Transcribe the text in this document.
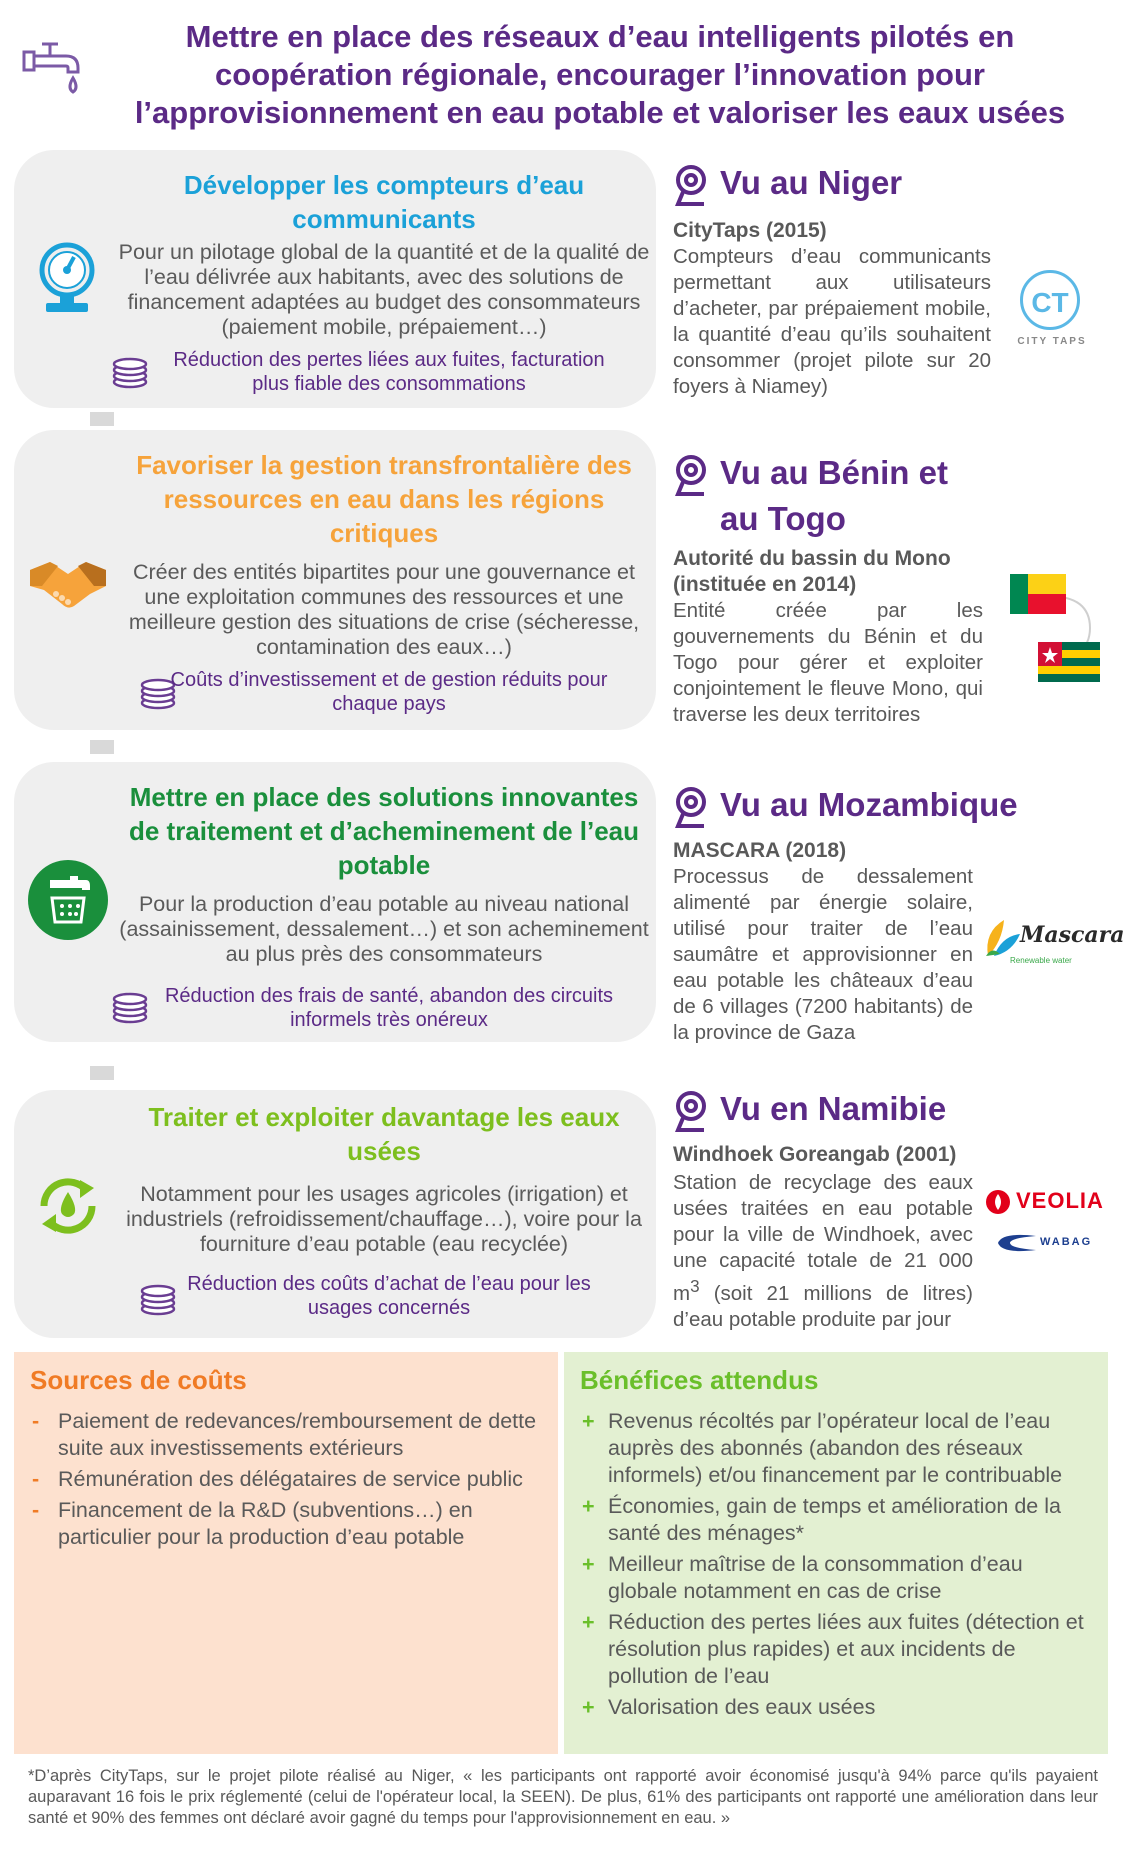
Mettre en place des réseaux d’eau intelligents pilotés en coopération régionale, encourager l’innovation pour l’approvisionnement en eau potable et valoriser les eaux usées
Développer les compteurs d’eau communicants
Pour un pilotage global de la quantité et de la qualité de l’eau délivrée aux habitants, avec des solutions de financement adaptées au budget des consommateurs (paiement mobile, prépaiement…)
Réduction des pertes liées aux fuites, facturation plus fiable des consommations
Favoriser la gestion transfrontalière des ressources en eau dans les régions critiques
Créer des entités bipartites pour une gouvernance et une exploitation communes des ressources et une meilleure gestion des situations de crise (sécheresse, contamination des eaux…)
Coûts d’investissement et de gestion réduits pour chaque pays
Mettre en place des solutions innovantes de traitement et d’acheminement de l’eau potable
Pour la production d’eau potable au niveau national (assainissement, dessalement…) et son acheminement au plus près des consommateurs
Réduction des frais de santé, abandon des circuits informels très onéreux
Traiter et exploiter davantage les eaux usées
Notamment pour les usages agricoles (irrigation) et industriels (refroidissement/chauffage…), voire pour la fourniture d’eau potable (eau recyclée)
Réduction des coûts d’achat de l’eau pour les usages concernés
Vu au Niger
CityTaps (2015)
Compteurs d’eau communicants permettant aux utilisateurs d’acheter, par prépaiement mobile, la quantité d’eau qu’ils souhaitent consommer (projet pilote sur 20 foyers à Niamey)
CT
CITY TAPS
Vu au Bénin et
au Togo
Autorité du bassin du Mono (instituée en 2014)
Entité créée par les gouvernements du Bénin et du Togo pour gérer et exploiter conjointement le fleuve Mono, qui traverse les deux territoires
Vu au Mozambique
MASCARA (2018)
Processus de dessalement alimenté par énergie solaire, utilisé pour traiter de l’eau saumâtre et approvisionner en eau potable les châteaux d’eau de 6 villages (7200 habitants) de la province de Gaza
Mascara
Renewable water
Vu en Namibie
Windhoek Goreangab (2001)
Station de recyclage des eaux usées traitées en eau potable pour la ville de Windhoek, avec une capacité totale de 21 000 $m^3$ (soit 21 millions de litres) d’eau potable produite par jour
VEOLIA
WABAG
Sources de coûts
- Paiement de redevances/remboursement de dette suite aux investissements extérieurs
- Rémunération des délégataires de service public
- Financement de la R&D (subventions…) en particulier pour la production d’eau potable
Bénéfices attendus
+ Revenus récoltés par l’opérateur local de l’eau auprès des abonnés (abandon des réseaux informels) et/ou financement par le contribuable
+ Économies, gain de temps et amélioration de la santé des ménages*
+ Meilleur maîtrise de la consommation d’eau globale notamment en cas de crise
+ Réduction des pertes liées aux fuites (détection et résolution plus rapides) et aux incidents de pollution de l’eau
+ Valorisation des eaux usées
*D’après CityTaps, sur le projet pilote réalisé au Niger, « les participants ont rapporté avoir économisé jusqu'à 94% parce qu'ils payaient auparavant 16 fois le prix réglementé (celui de l'opérateur local, la SEEN). De plus, 61% des participants ont rapporté une amélioration dans leur santé et 90% des femmes ont déclaré avoir gagné du temps pour l'approvisionnement en eau. »
